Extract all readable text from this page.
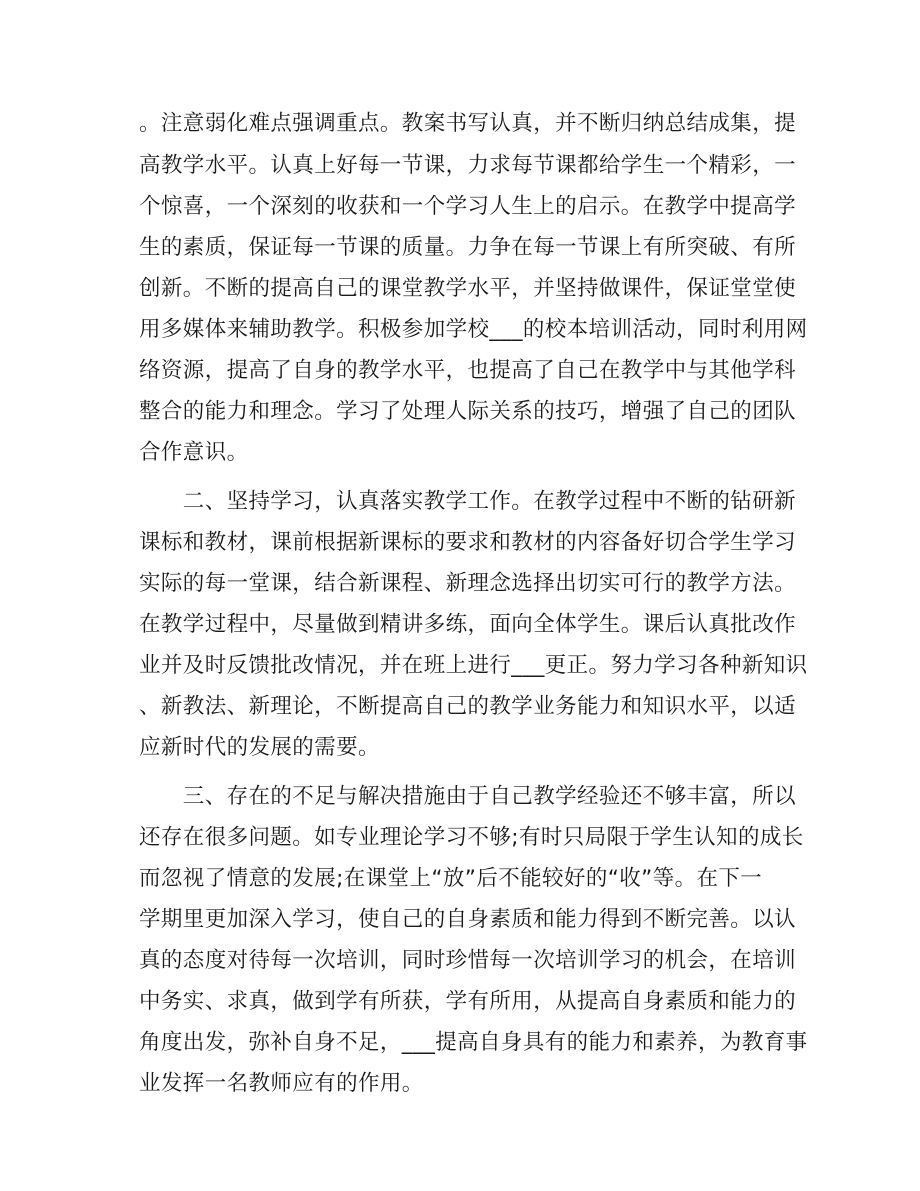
。注意弱化难点强调重点。教案书写认真，并不断归纳总结成集，提
高教学水平。认真上好每一节课，力求每节课都给学生一个精彩，一
个惊喜，一个深刻的收获和一个学习人生上的启示。在教学中提高学
生的素质，保证每一节课的质量。力争在每一节课上有所突破、有所
创新。不断的提高自己的课堂教学水平，并坚持做课件，保证堂堂使
用多媒体来辅助教学。积极参加学校___的校本培训活动，同时利用网
络资源，提高了自身的教学水平，也提高了自己在教学中与其他学科
整合的能力和理念。学习了处理人际关系的技巧，增强了自己的团队
合作意识。
　　二、坚持学习，认真落实教学工作。在教学过程中不断的钻研新
课标和教材，课前根据新课标的要求和教材的内容备好切合学生学习
实际的每一堂课，结合新课程、新理念选择出切实可行的教学方法。
在教学过程中，尽量做到精讲多练，面向全体学生。课后认真批改作
业并及时反馈批改情况，并在班上进行___更正。努力学习各种新知识
、新教法、新理论，不断提高自己的教学业务能力和知识水平，以适
应新时代的发展的需要。
　　三、存在的不足与解决措施由于自己教学经验还不够丰富，所以
还存在很多问题。如专业理论学习不够;有时只局限于学生认知的成长
而忽视了情意的发展;在课堂上“放”后不能较好的“收”等。在下一
学期里更加深入学习，使自己的自身素质和能力得到不断完善。以认
真的态度对待每一次培训，同时珍惜每一次培训学习的机会，在培训
中务实、求真，做到学有所获，学有所用，从提高自身素质和能力的
角度出发，弥补自身不足，___提高自身具有的能力和素养，为教育事
业发挥一名教师应有的作用。
